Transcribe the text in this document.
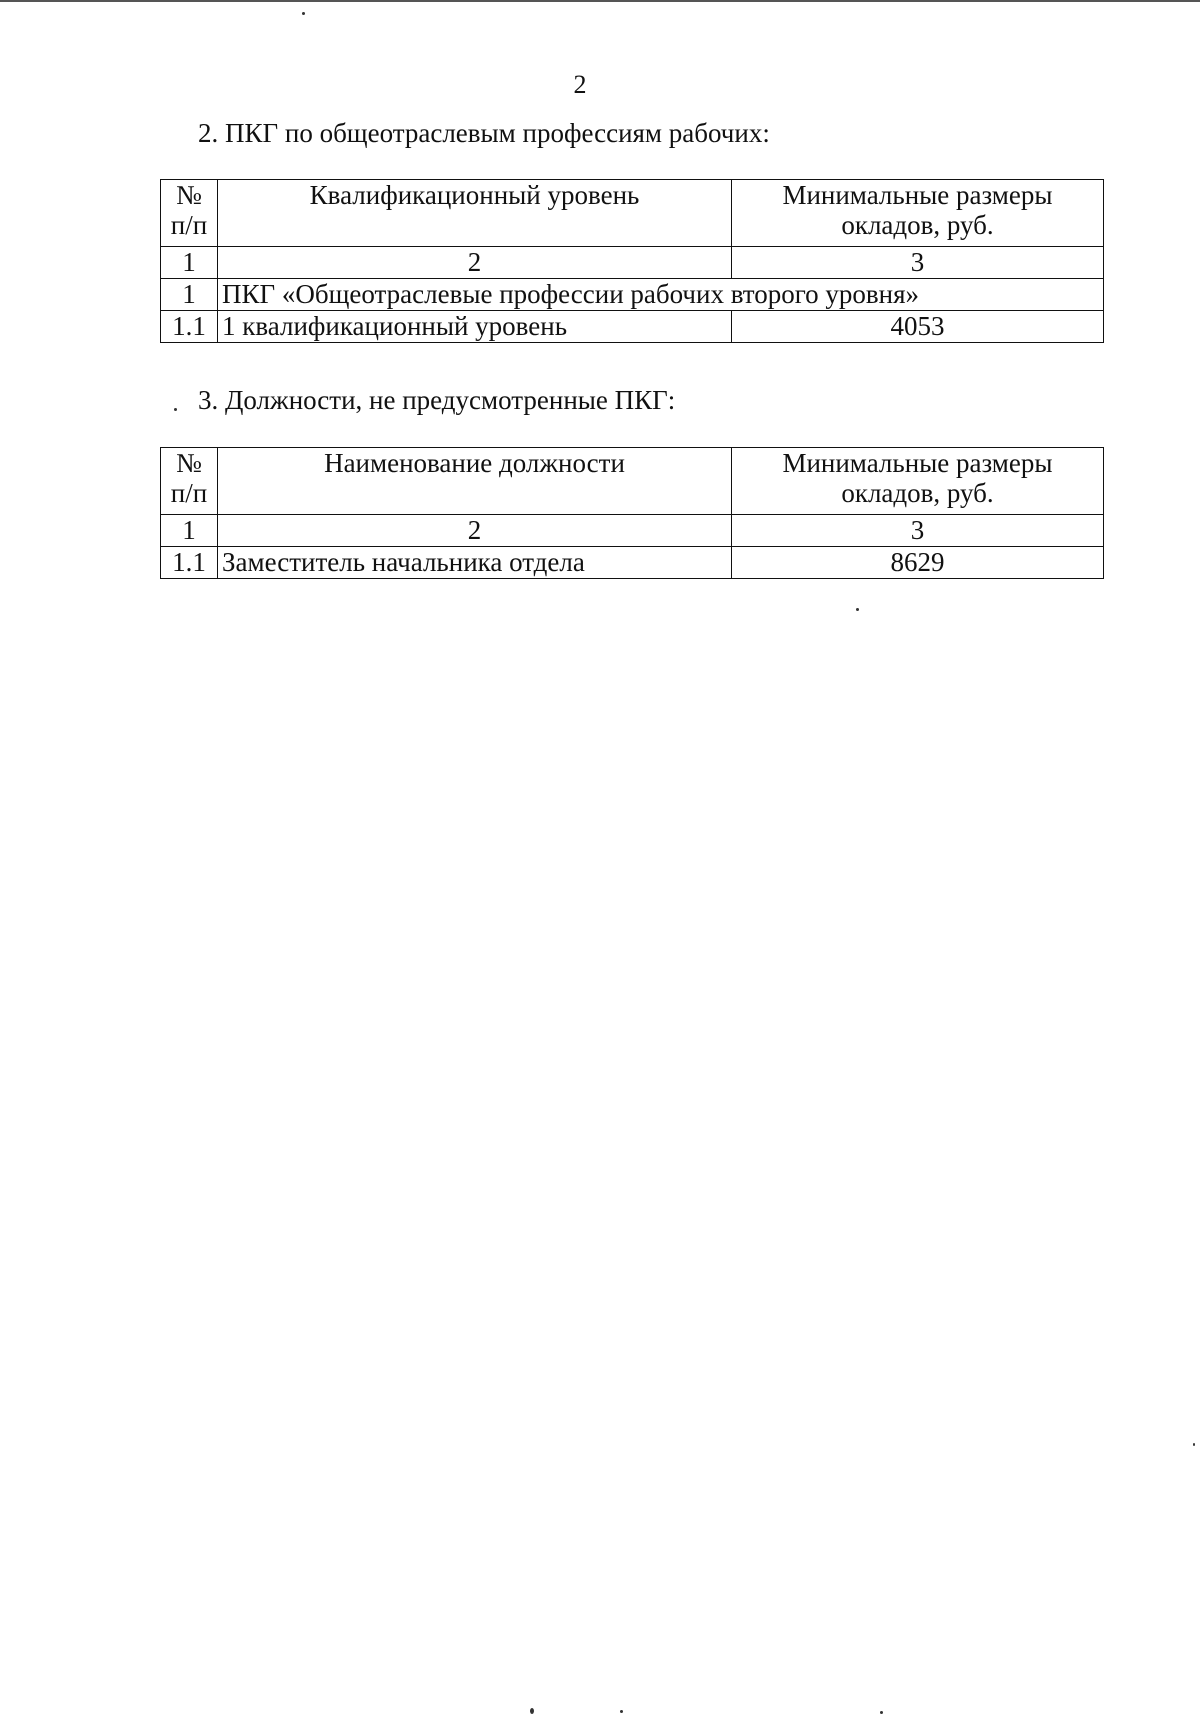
2
2. ПКГ по общеотраслевым профессиям рабочих:
№ п/п	Квалификационный уровень	Минимальные размеры окладов, руб.
1	2	3
1	ПКГ «Общеотраслевые профессии рабочих второго уровня»	
1.1	1 квалификационный уровень	4053
3. Должности, не предусмотренные ПКГ:
№ п/п	Наименование должности	Минимальные размеры окладов, руб.
1	2	3
1.1	Заместитель начальника отдела	8629
